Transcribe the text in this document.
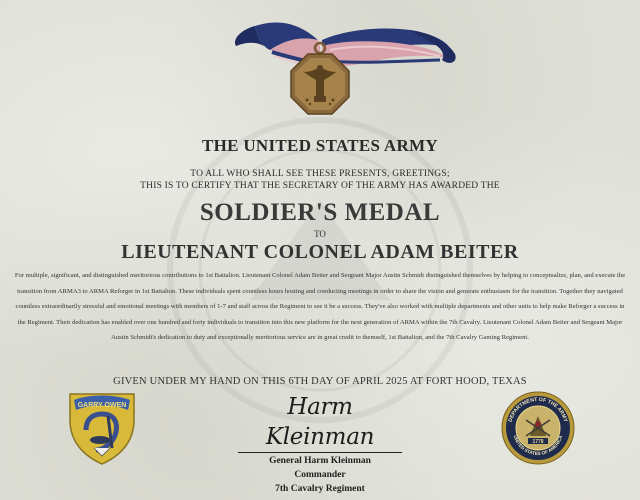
THE UNITED STATES ARMY
TO ALL WHO SHALL SEE THESE PRESENTS, GREETINGS;
THIS IS TO CERTIFY THAT THE SECRETARY OF THE ARMY HAS AWARDED THE
SOLDIER'S MEDAL
TO
LIEUTENANT COLONEL ADAM BEITER
For multiple, significant, and distinguished meritorious contributions to 1st Battalion. Lieutenant Colonel Adam Beiter and Sergeant Major Austin Schmidt distinguished themselves by helping to conceptualize, plan, and execute the transition from ARMA3 to ARMA Reforger in 1st Battalion. These individuals spent countless hours hosting and conducting meetings in order to share the vision and generate enthusiasm for the transition. Together they navigated countless extraordinarily stressful and emotional meetings with members of 1-7 and staff across the Regiment to see it be a success. They've also worked with multiple departments and other units to help make Reforger a success in the Regiment. Their dedication has enabled over one hundred and forty individuals to transition into this new platform for the next generation of ARMA within the 7th Cavalry. Lieutenant Colonel Adam Beiter and Sergeant Major Austin Schmidt's dedication to duty and exceptionally meritorious service are in great credit to themself, 1st Battalion, and the 7th Cavalry Gaming Regiment.
GIVEN UNDER MY HAND ON THIS 6TH DAY OF APRIL 2025 AT FORT HOOD, TEXAS
GARRY OWEN	Harm Kleinman
General Harm Kleinman
Commander
7th Cavalry Regiment
DEPARTMENT OF THE ARMY
UNITED STATES OF AMERICA
1778
